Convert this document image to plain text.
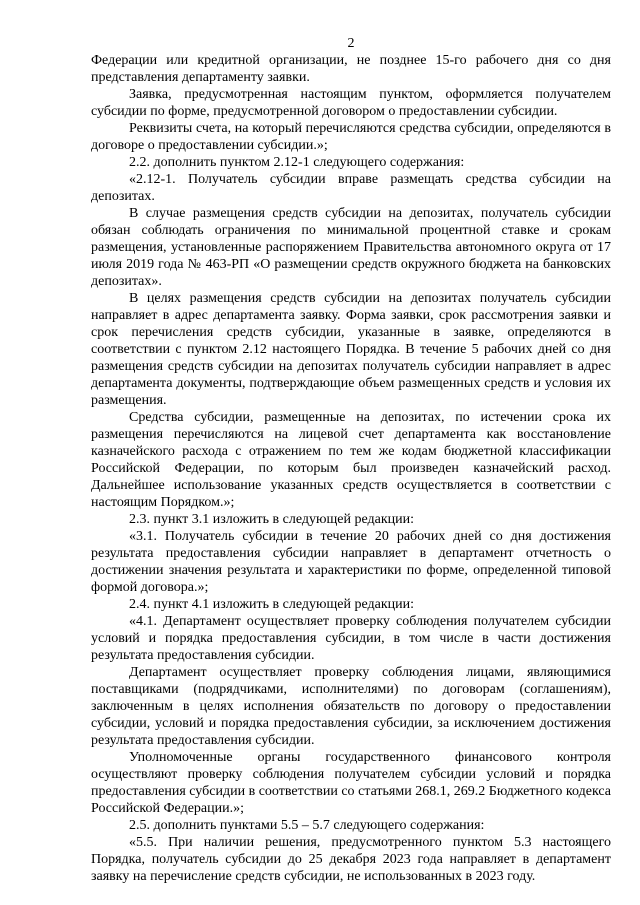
2

Федерации или кредитной организации, не позднее 15-го рабочего дня со дня представления департаменту заявки.

Заявка, предусмотренная настоящим пунктом, оформляется получателем субсидии по форме, предусмотренной договором о предоставлении субсидии.

Реквизиты счета, на который перечисляются средства субсидии, определяются в договоре о предоставлении субсидии.»;

2.2. дополнить пунктом 2.12-1 следующего содержания:

«2.12-1. Получатель субсидии вправе размещать средства субсидии на депозитах.

В случае размещения средств субсидии на депозитах, получатель субсидии обязан соблюдать ограничения по минимальной процентной ставке и срокам размещения, установленные распоряжением Правительства автономного округа от 17 июля 2019 года № 463-РП «О размещении средств окружного бюджета на банковских депозитах».

В целях размещения средств субсидии на депозитах получатель субсидии направляет в адрес департамента заявку. Форма заявки, срок рассмотрения заявки и срок перечисления средств субсидии, указанные в заявке, определяются в соответствии с пунктом 2.12 настоящего Порядка. В течение 5 рабочих дней со дня размещения средств субсидии на депозитах получатель субсидии направляет в адрес департамента документы, подтверждающие объем размещенных средств и условия их размещения.

Средства субсидии, размещенные на депозитах, по истечении срока их размещения перечисляются на лицевой счет департамента как восстановление казначейского расхода с отражением по тем же кодам бюджетной классификации Российской Федерации, по которым был произведен казначейский расход. Дальнейшее использование указанных средств осуществляется в соответствии с настоящим Порядком.»;

2.3. пункт 3.1 изложить в следующей редакции:

«3.1. Получатель субсидии в течение 20 рабочих дней со дня достижения результата предоставления субсидии направляет в департамент отчетность о достижении значения результата и характеристики по форме, определенной типовой формой договора.»;

2.4. пункт 4.1 изложить в следующей редакции:

«4.1. Департамент осуществляет проверку соблюдения получателем субсидии условий и порядка предоставления субсидии, в том числе в части достижения результата предоставления субсидии.

Департамент осуществляет проверку соблюдения лицами, являющимися поставщиками (подрядчиками, исполнителями) по договорам (соглашениям), заключенным в целях исполнения обязательств по договору о предоставлении субсидии, условий и порядка предоставления субсидии, за исключением достижения результата предоставления субсидии.

Уполномоченные органы государственного финансового контроля осуществляют проверку соблюдения получателем субсидии условий и порядка предоставления субсидии в соответствии со статьями 268.1, 269.2 Бюджетного кодекса Российской Федерации.»;

2.5. дополнить пунктами 5.5 – 5.7 следующего содержания:

«5.5. При наличии решения, предусмотренного пунктом 5.3 настоящего Порядка, получатель субсидии до 25 декабря 2023 года направляет в департамент заявку на перечисление средств субсидии, не использованных в 2023 году.
